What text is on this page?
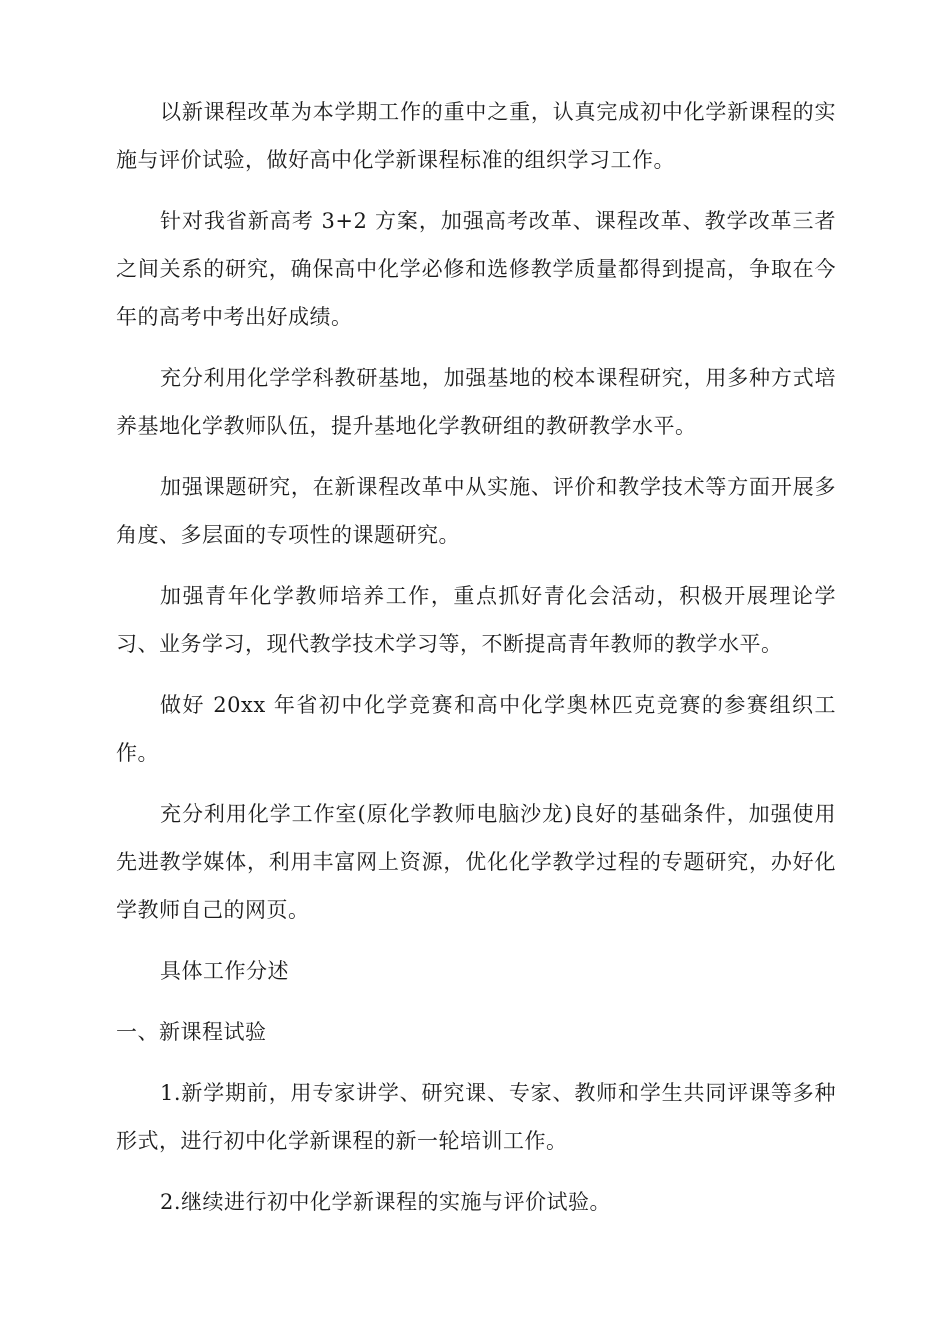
以新课程改革为本学期工作的重中之重，认真完成初中化学新课程的实施与评价试验，做好高中化学新课程标准的组织学习工作。

针对我省新高考 3+2 方案，加强高考改革、课程改革、教学改革三者之间关系的研究，确保高中化学必修和选修教学质量都得到提高，争取在今年的高考中考出好成绩。

充分利用化学学科教研基地，加强基地的校本课程研究，用多种方式培养基地化学教师队伍，提升基地化学教研组的教研教学水平。

加强课题研究，在新课程改革中从实施、评价和教学技术等方面开展多角度、多层面的专项性的课题研究。

加强青年化学教师培养工作，重点抓好青化会活动，积极开展理论学习、业务学习，现代教学技术学习等，不断提高青年教师的教学水平。

做好 20xx 年省初中化学竞赛和高中化学奥林匹克竞赛的参赛组织工作。

充分利用化学工作室(原化学教师电脑沙龙)良好的基础条件，加强使用先进教学媒体，利用丰富网上资源，优化化学教学过程的专题研究，办好化学教师自己的网页。

具体工作分述

一、新课程试验

1.新学期前，用专家讲学、研究课、专家、教师和学生共同评课等多种形式，进行初中化学新课程的新一轮培训工作。

2.继续进行初中化学新课程的实施与评价试验。
